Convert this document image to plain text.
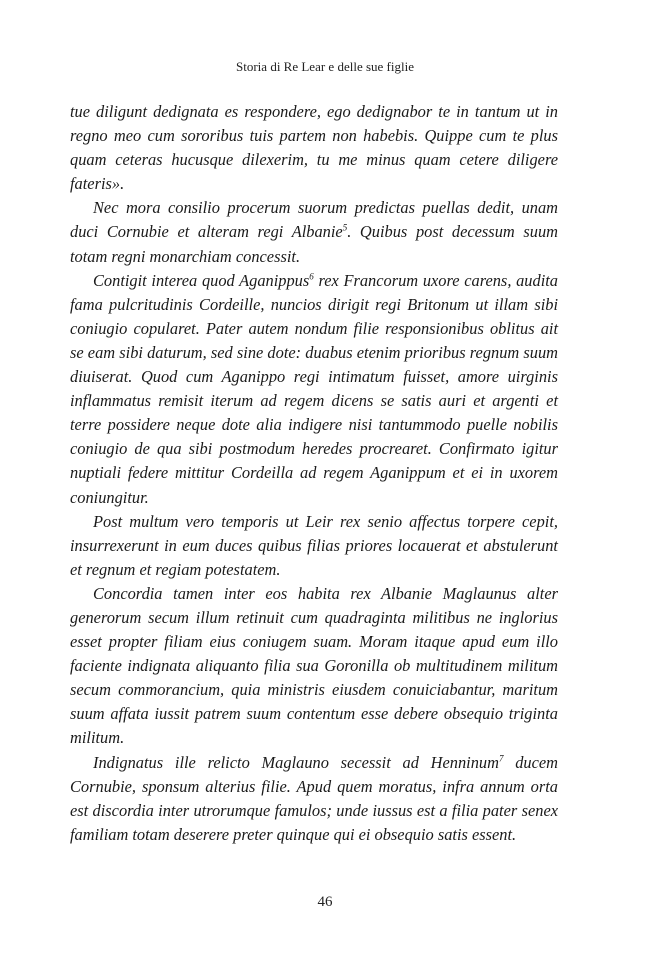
Storia di Re Lear e delle sue figlie

tue diligunt dedignata es respondere, ego dedignabor te in tantum ut in regno meo cum sororibus tuis partem non habebis. Quippe cum te plus quam ceteras hucusque dilexerim, tu me minus quam cetere diligere fateris».

Nec mora consilio procerum suorum predictas puellas dedit, unam duci Cornubie et alteram regi Albanie$^5$. Quibus post decessum suum totam regni monarchiam concessit.

Contigit interea quod Aganippus$^6$ rex Francorum uxore carens, audita fama pulcritudinis Cordeille, nuncios dirigit regi Britonum ut illam sibi coniugio copularet. Pater autem nondum filie responsionibus oblitus ait se eam sibi daturum, sed sine dote: duabus etenim prioribus regnum suum diuiserat. Quod cum Aganippo regi intimatum fuisset, amore uirginis inflammatus remisit iterum ad regem dicens se satis auri et argenti et terre possidere neque dote alia indigere nisi tantummodo puelle nobilis coniugio de qua sibi postmodum heredes procrearet. Confirmato igitur nuptiali federe mittitur Cordeilla ad regem Aganippum et ei in uxorem coniungitur.

Post multum vero temporis ut Leir rex senio affectus torpere cepit, insurrexerunt in eum duces quibus filias priores locauerat et abstulerunt et regnum et regiam potestatem.

Concordia tamen inter eos habita rex Albanie Maglaunus alter generorum secum illum retinuit cum quadraginta militibus ne inglorius esset propter filiam eius coniugem suam. Moram itaque apud eum illo faciente indignata aliquanto filia sua Goronilla ob multitudinem militum secum commorancium, quia ministris eiusdem conuiciabantur, maritum suum affata iussit patrem suum contentum esse debere obsequio triginta militum.

Indignatus ille relicto Maglauno secessit ad Henninum$^7$ ducem Cornubie, sponsum alterius filie. Apud quem moratus, infra annum orta est discordia inter utrorumque famulos; unde iussus est a filia pater senex familiam totam deserere preter quinque qui ei obsequio satis essent.

46
